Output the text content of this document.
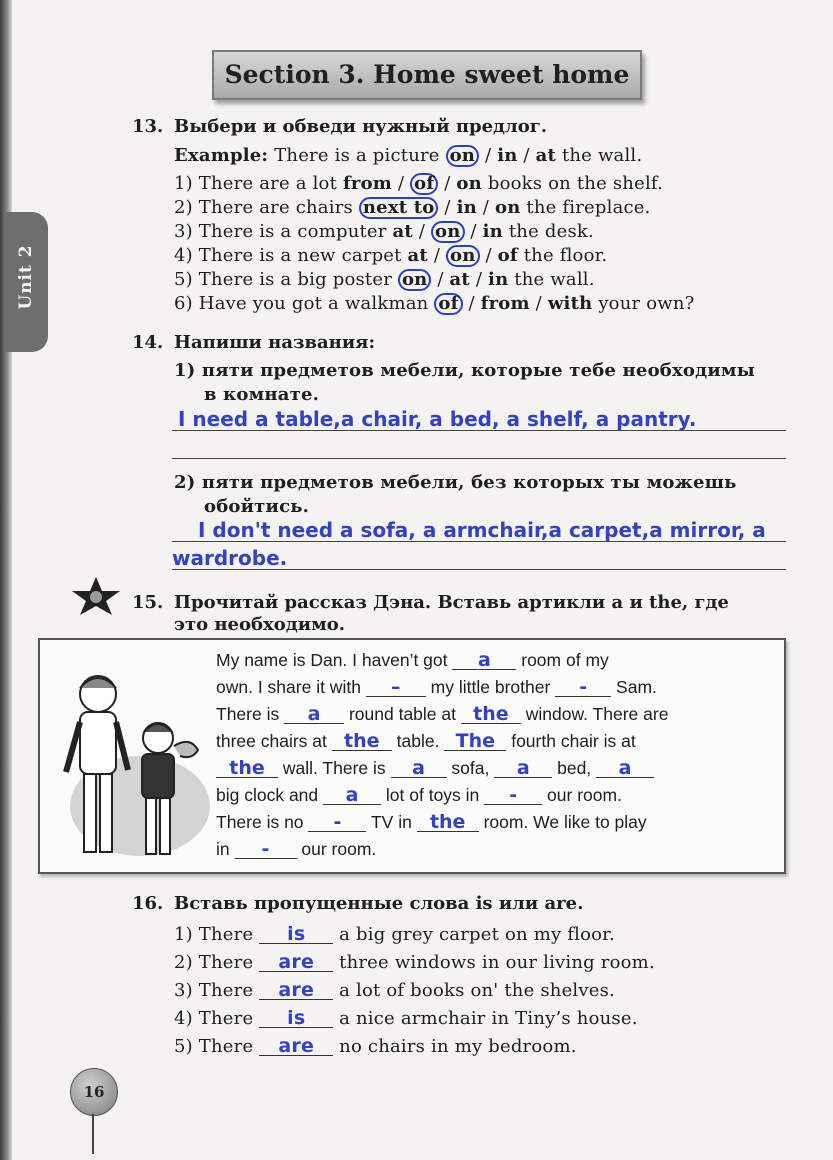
Unit 2
Section 3. Home sweet home
13. Выбери и обведи нужный предлог.
Example: There is a picture on / in / at the wall.
1) There are a lot from / of / on books on the shelf.
2) There are chairs next to / in / on the fireplace.
3) There is a computer at / on / in the desk.
4) There is a new carpet at / on / of the floor.
5) There is a big poster on / at / in the wall.
6) Have you got a walkman of / from / with your own?
14. Напиши названия:
1) пяти предметов мебели, которые тебе необходимы
в комнате.
I need a table,a chair, a bed, a shelf, a pantry.
2) пяти предметов мебели, без которых ты можешь
обойтись.
I don't need a sofa, a armchair,a carpet,a mirror, a
wardrobe.
15. Прочитай рассказ Дэна. Вставь артикли a и the, где
это необходимо.
My name is Dan. I haven’t got a room of my
own. I share it with – my little brother - Sam.
There is a round table at the window. There are
three chairs at the table. The fourth chair is at
the wall. There is a sofa, a bed, a
big clock and a lot of toys in - our room.
There is no - TV in the room. We like to play
in - our room.
16. Вставь пропущенные слова is или are.
1) There is a big grey carpet on my floor.
2) There are three windows in our living room.
3) There are a lot of books on' the shelves.
4) There is a nice armchair in Tiny’s house.
5) There are no chairs in my bedroom.
16
